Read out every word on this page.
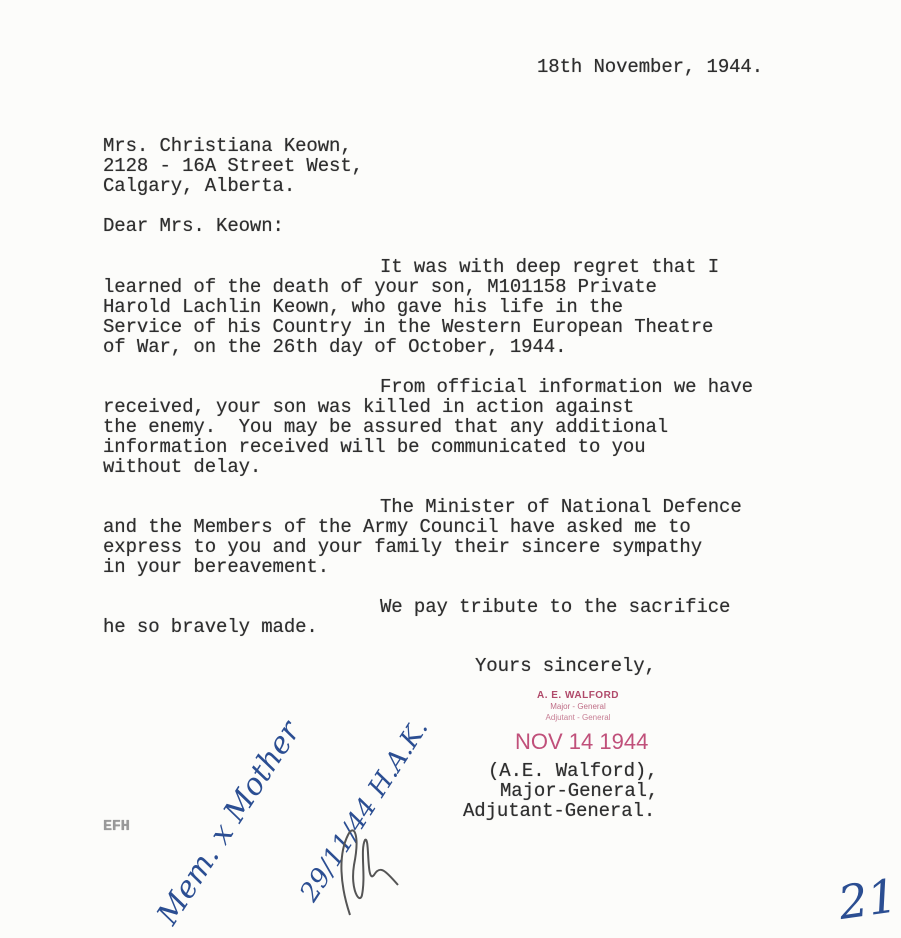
18th November, 1944.
Mrs. Christiana Keown,
2128 - 16A Street West,
Calgary, Alberta.
Dear Mrs. Keown:
It was with deep regret that I
learned of the death of your son, M101158 Private
Harold Lachlin Keown, who gave his life in the
Service of his Country in the Western European Theatre
of War, on the 26th day of October, 1944.
From official information we have
received, your son was killed in action against
the enemy.  You may be assured that any additional
information received will be communicated to you
without delay.
The Minister of National Defence
and the Members of the Army Council have asked me to
express to you and your family their sincere sympathy
in your bereavement.
We pay tribute to the sacrifice
he so bravely made.
Yours sincerely,
A. E. WALFORD
Major - General
Adjutant - General
NOV 14 1944
(A.E. Walford),
Major-General,
Adjutant-General.
EFH Mem. x Mother
29/11/44 H.A.K.	21
